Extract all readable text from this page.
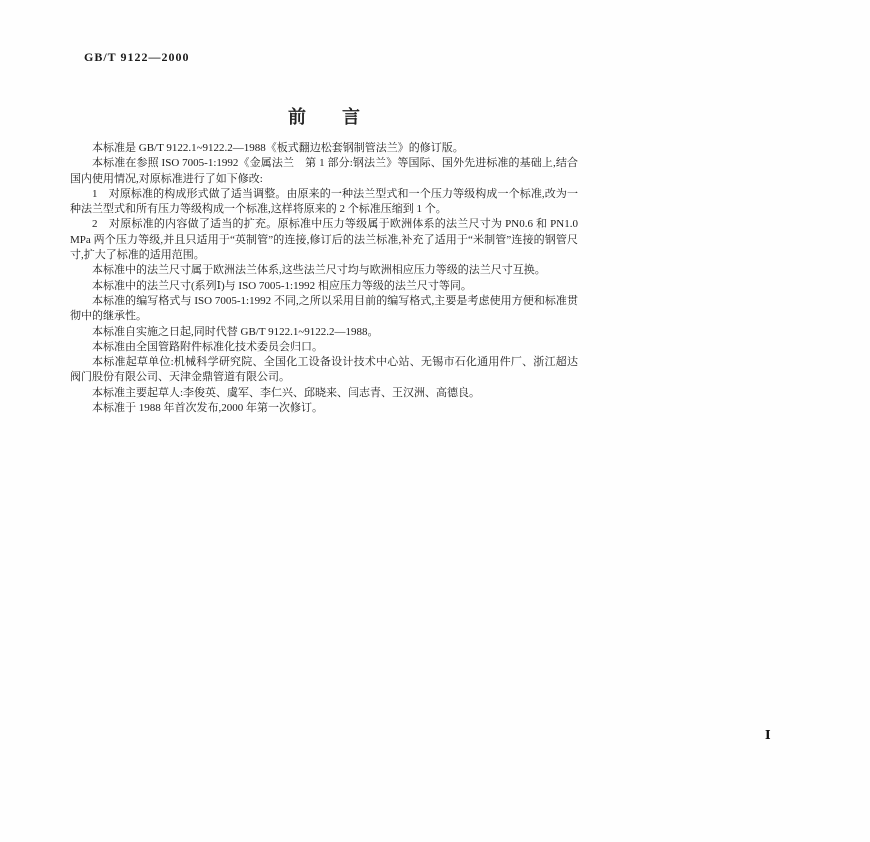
GB/T 9122—2000
前　　言

本标准是 GB/T 9122.1~9122.2—1988《板式翻边松套钢制管法兰》的修订版。

本标准在参照 ISO 7005-1:1992《金属法兰　第 1 部分:钢法兰》等国际、国外先进标准的基础上,结合国内使用情况,对原标准进行了如下修改:

1　对原标准的构成形式做了适当调整。由原来的一种法兰型式和一个压力等级构成一个标准,改为一种法兰型式和所有压力等级构成一个标准,这样将原来的 2 个标准压缩到 1 个。

2　对原标准的内容做了适当的扩充。原标准中压力等级属于欧洲体系的法兰尺寸为 PN0.6 和 PN1.0 MPa 两个压力等级,并且只适用于“英制管”的连接,修订后的法兰标准,补充了适用于“米制管”连接的钢管尺寸,扩大了标准的适用范围。

本标准中的法兰尺寸属于欧洲法兰体系,这些法兰尺寸均与欧洲相应压力等级的法兰尺寸互换。

本标准中的法兰尺寸(系列Ⅰ)与 ISO 7005-1:1992 相应压力等级的法兰尺寸等同。

本标准的编写格式与 ISO 7005-1:1992 不同,之所以采用目前的编写格式,主要是考虑使用方便和标准贯彻中的继承性。

本标准自实施之日起,同时代替 GB/T 9122.1~9122.2—1988。

本标准由全国管路附件标准化技术委员会归口。

本标准起草单位:机械科学研究院、全国化工设备设计技术中心站、无锡市石化通用件厂、浙江超达阀门股份有限公司、天津金鼎管道有限公司。

本标准主要起草人:李俊英、虞军、李仁兴、邱晓来、闫志青、王汉洲、高德良。

本标准于 1988 年首次发布,2000 年第一次修订。

Ⅰ
